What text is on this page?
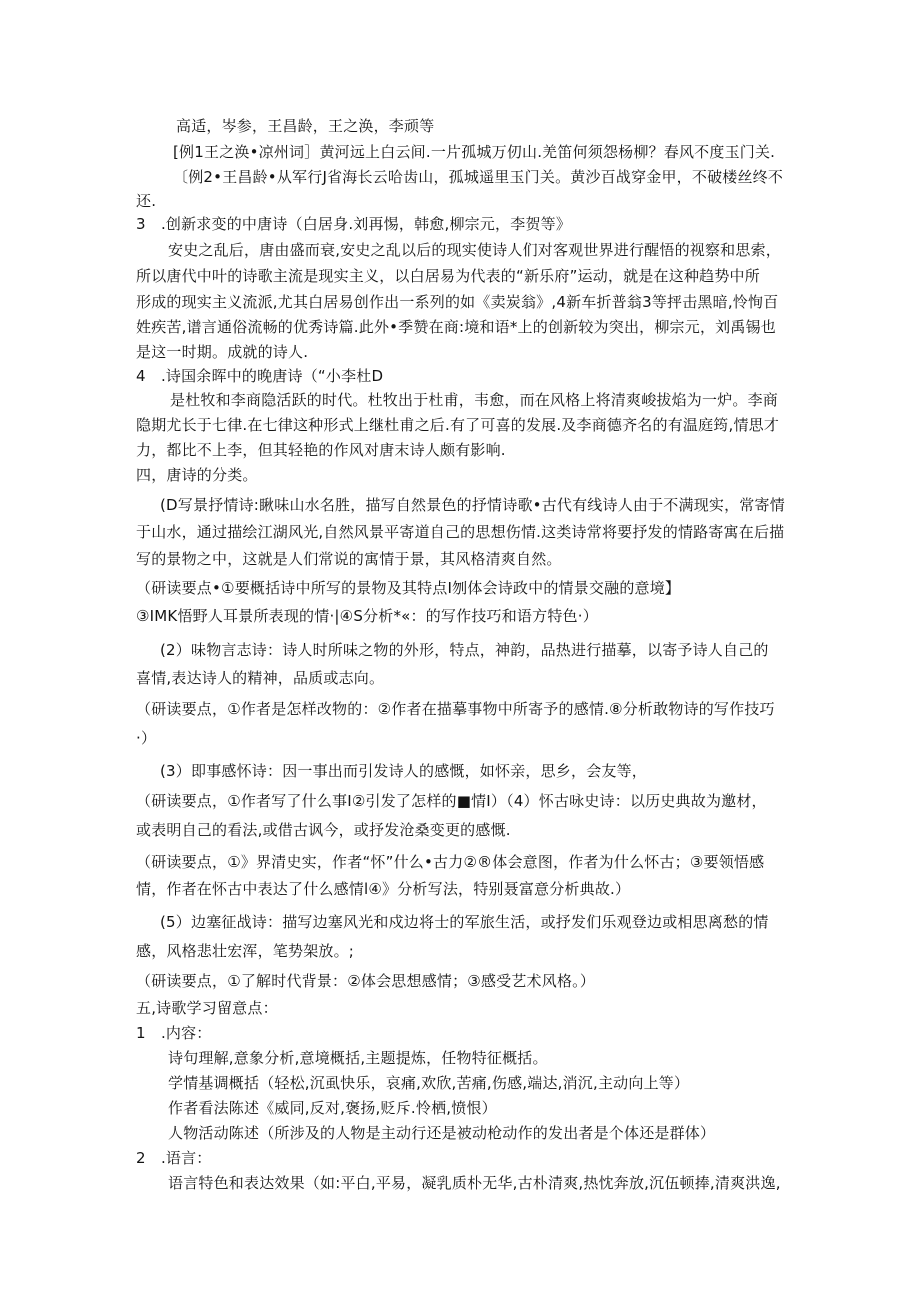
高适，岑参，王昌龄，王之涣，李顽等
[例1王之涣•凉州词］黄河远上白云间.一片孤城万仞山.羌笛何须怨杨柳？春风不度玉门关.
〔例2•王昌龄•从军行J省海长云哈齿山，孤城遥里玉门关。黄沙百战穿金甲，不破楼丝终不
还.
3　.创新求变的中唐诗（白居身.刘再惕，韩愈,柳宗元，李贺等》
安史之乱后，唐由盛而衰,安史之乱以后的现实使诗人们对客观世界进行醒悟的视察和思索，
所以唐代中叶的诗歌主流是现实主义，以白居易为代表的“新乐府”运动，就是在这种趋势中所
形成的现实主义流派,尤其白居易创作出一系列的如《卖炭翁》,4新车折普翁3等抨击黑暗,怜恂百
姓疾苦,谱言通俗流畅的优秀诗篇.此外•季赞在商:境和语*上的创新较为突出，柳宗元，刘禹锡也
是这一时期。成就的诗人.
4　.诗国余晖中的晚唐诗（“小李杜D
是杜牧和李商隐活跃的时代。杜牧出于杜甫，韦愈，而在风格上将清爽峻拔焰为一炉。李商
隐期尤长于七律.在七律这种形式上继杜甫之后.有了可喜的发展.及李商德齐名的有温庭筠,情思才
力，都比不上李，但其轻艳的作风对唐末诗人颇有影响.
四，唐诗的分类。
(D写景抒情诗:瞅味山水名胜，描写自然景色的抒情诗歌•古代有线诗人由于不满现实，常寄情
于山水，通过描绘江湖风光,自然风景平寄道自己的思想伤情.这类诗常将要抒发的情路寄寓在后描
写的景物之中，这就是人们常说的寓情于景，其风格清爽自然。
（研读要点•①要概括诗中所写的景物及其特点I刎体会诗政中的情景交融的意境】
③IMK悟野人耳景所表现的情·|④S分析*«：的写作技巧和语方特色·）
(2）味物言志诗：诗人时所味之物的外形，特点，神韵，品热进行描摹，以寄予诗人自己的
喜情,表达诗人的精神，品质或志向。
（研读要点，①作者是怎样改物的：②作者在描摹事物中所寄予的感情.⑧分析敢物诗的写作技巧
·）
(3）即事感怀诗：因一事出而引发诗人的感慨，如怀亲，思乡，会友等，
（研读要点，①作者写了什么事I②引发了怎样的■情I）（4）怀古咏史诗：以历史典故为邀材，
或表明自己的看法,或借古讽今，或抒发沧桑变更的感慨.
（研读要点，①》界清史实，作者“怀”什么•古力②®体会意图，作者为什么怀古；③要领悟感
情，作者在怀古中表达了什么感情l④》分析写法，特别聂富意分析典故.）
(5）边塞征战诗：描写边塞风光和戍边将士的军旅生活，或抒发们乐观登边或相思离愁的情
感，风格悲壮宏浑，笔势架放。;
（研读要点，①了解时代背景：②体会思想感情；③感受艺术风格。）
五,诗歌学习留意点：
1　.内容：
诗句理解,意象分析,意境概括,主题提炼，任物特征概括。
学情基调概括（轻松,沉虱快乐，哀痛,欢欣,苦痛,伤感,端达,消沉,主动向上等）
作者看法陈述《威同,反对,褒扬,贬斥.怜栖,愤恨）
人物活动陈述（所涉及的人物是主动行还是被动枪动作的发出者是个体还是群体）
2　.语言：
语言特色和表达效果（如:平白,平易，凝乳质朴无华,古朴清爽,热忱奔放,沉伍顿捧,清爽洪逸,
